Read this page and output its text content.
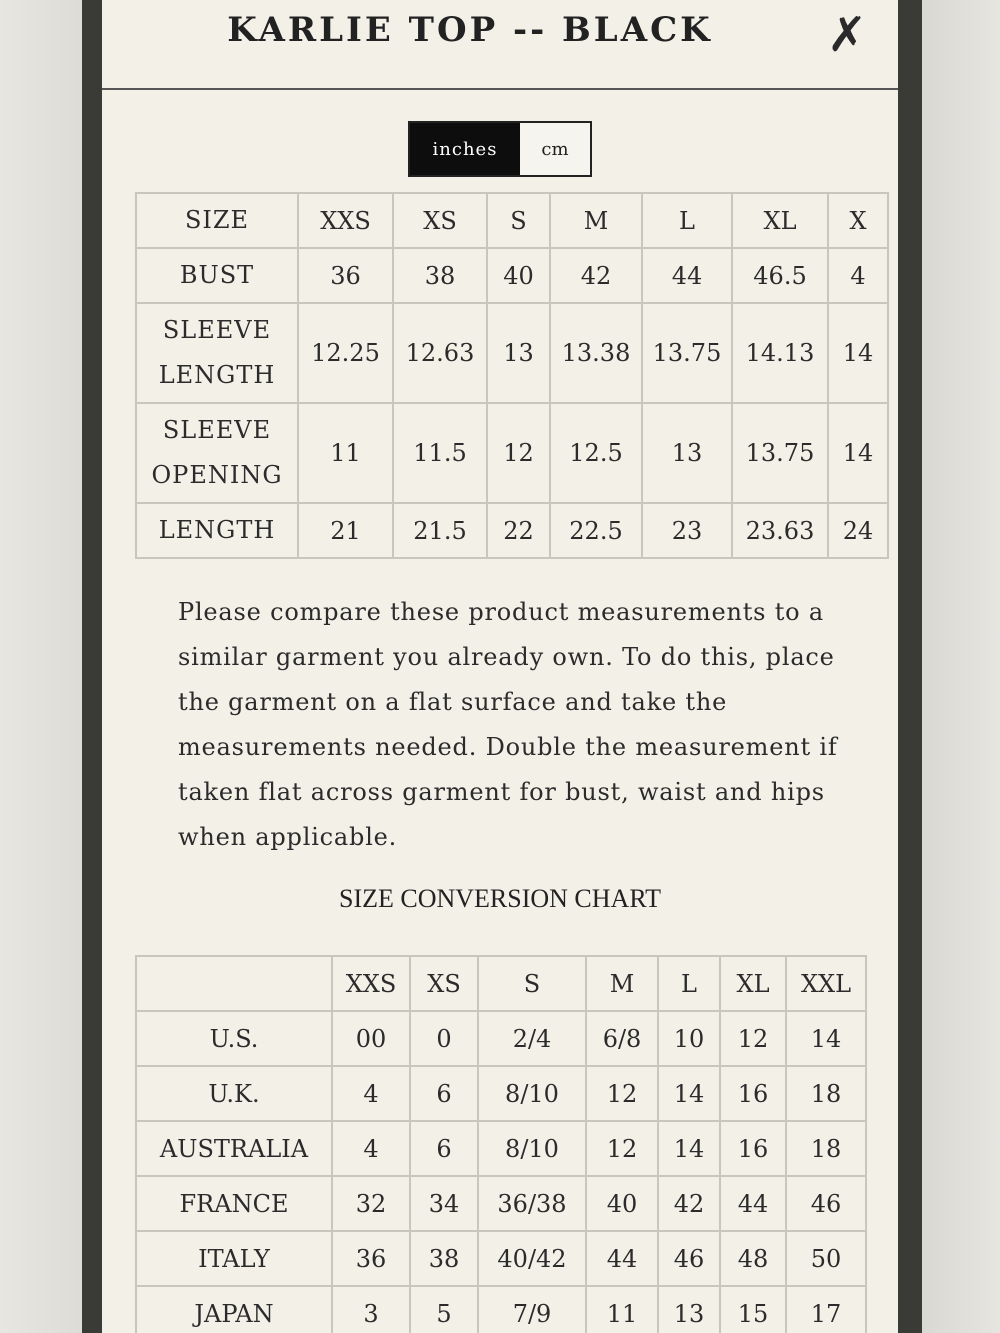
KARLIE TOP -- BLACK	✗
inches	cm
SIZE	XXS	XS	S	M	L	XL	X
BUST	36	38	40	42	44	46.5	4
SLEEVE LENGTH	12.25	12.63	13	13.38	13.75	14.13	14
SLEEVE OPENING	11	11.5	12	12.5	13	13.75	14
LENGTH	21	21.5	22	22.5	23	23.63	24
Please compare these product measurements to a similar garment you already own. To do this, place the garment on a flat surface and take the measurements needed. Double the measurement if taken flat across garment for bust, waist and hips when applicable.
SIZE CONVERSION CHART
	XXS	XS	S	M	L	XL	XXL
U.S.	00	0	2/4	6/8	10	12	14
U.K.	4	6	8/10	12	14	16	18
AUSTRALIA	4	6	8/10	12	14	16	18
FRANCE	32	34	36/38	40	42	44	46
ITALY	36	38	40/42	44	46	48	50
JAPAN	3	5	7/9	11	13	15	17
